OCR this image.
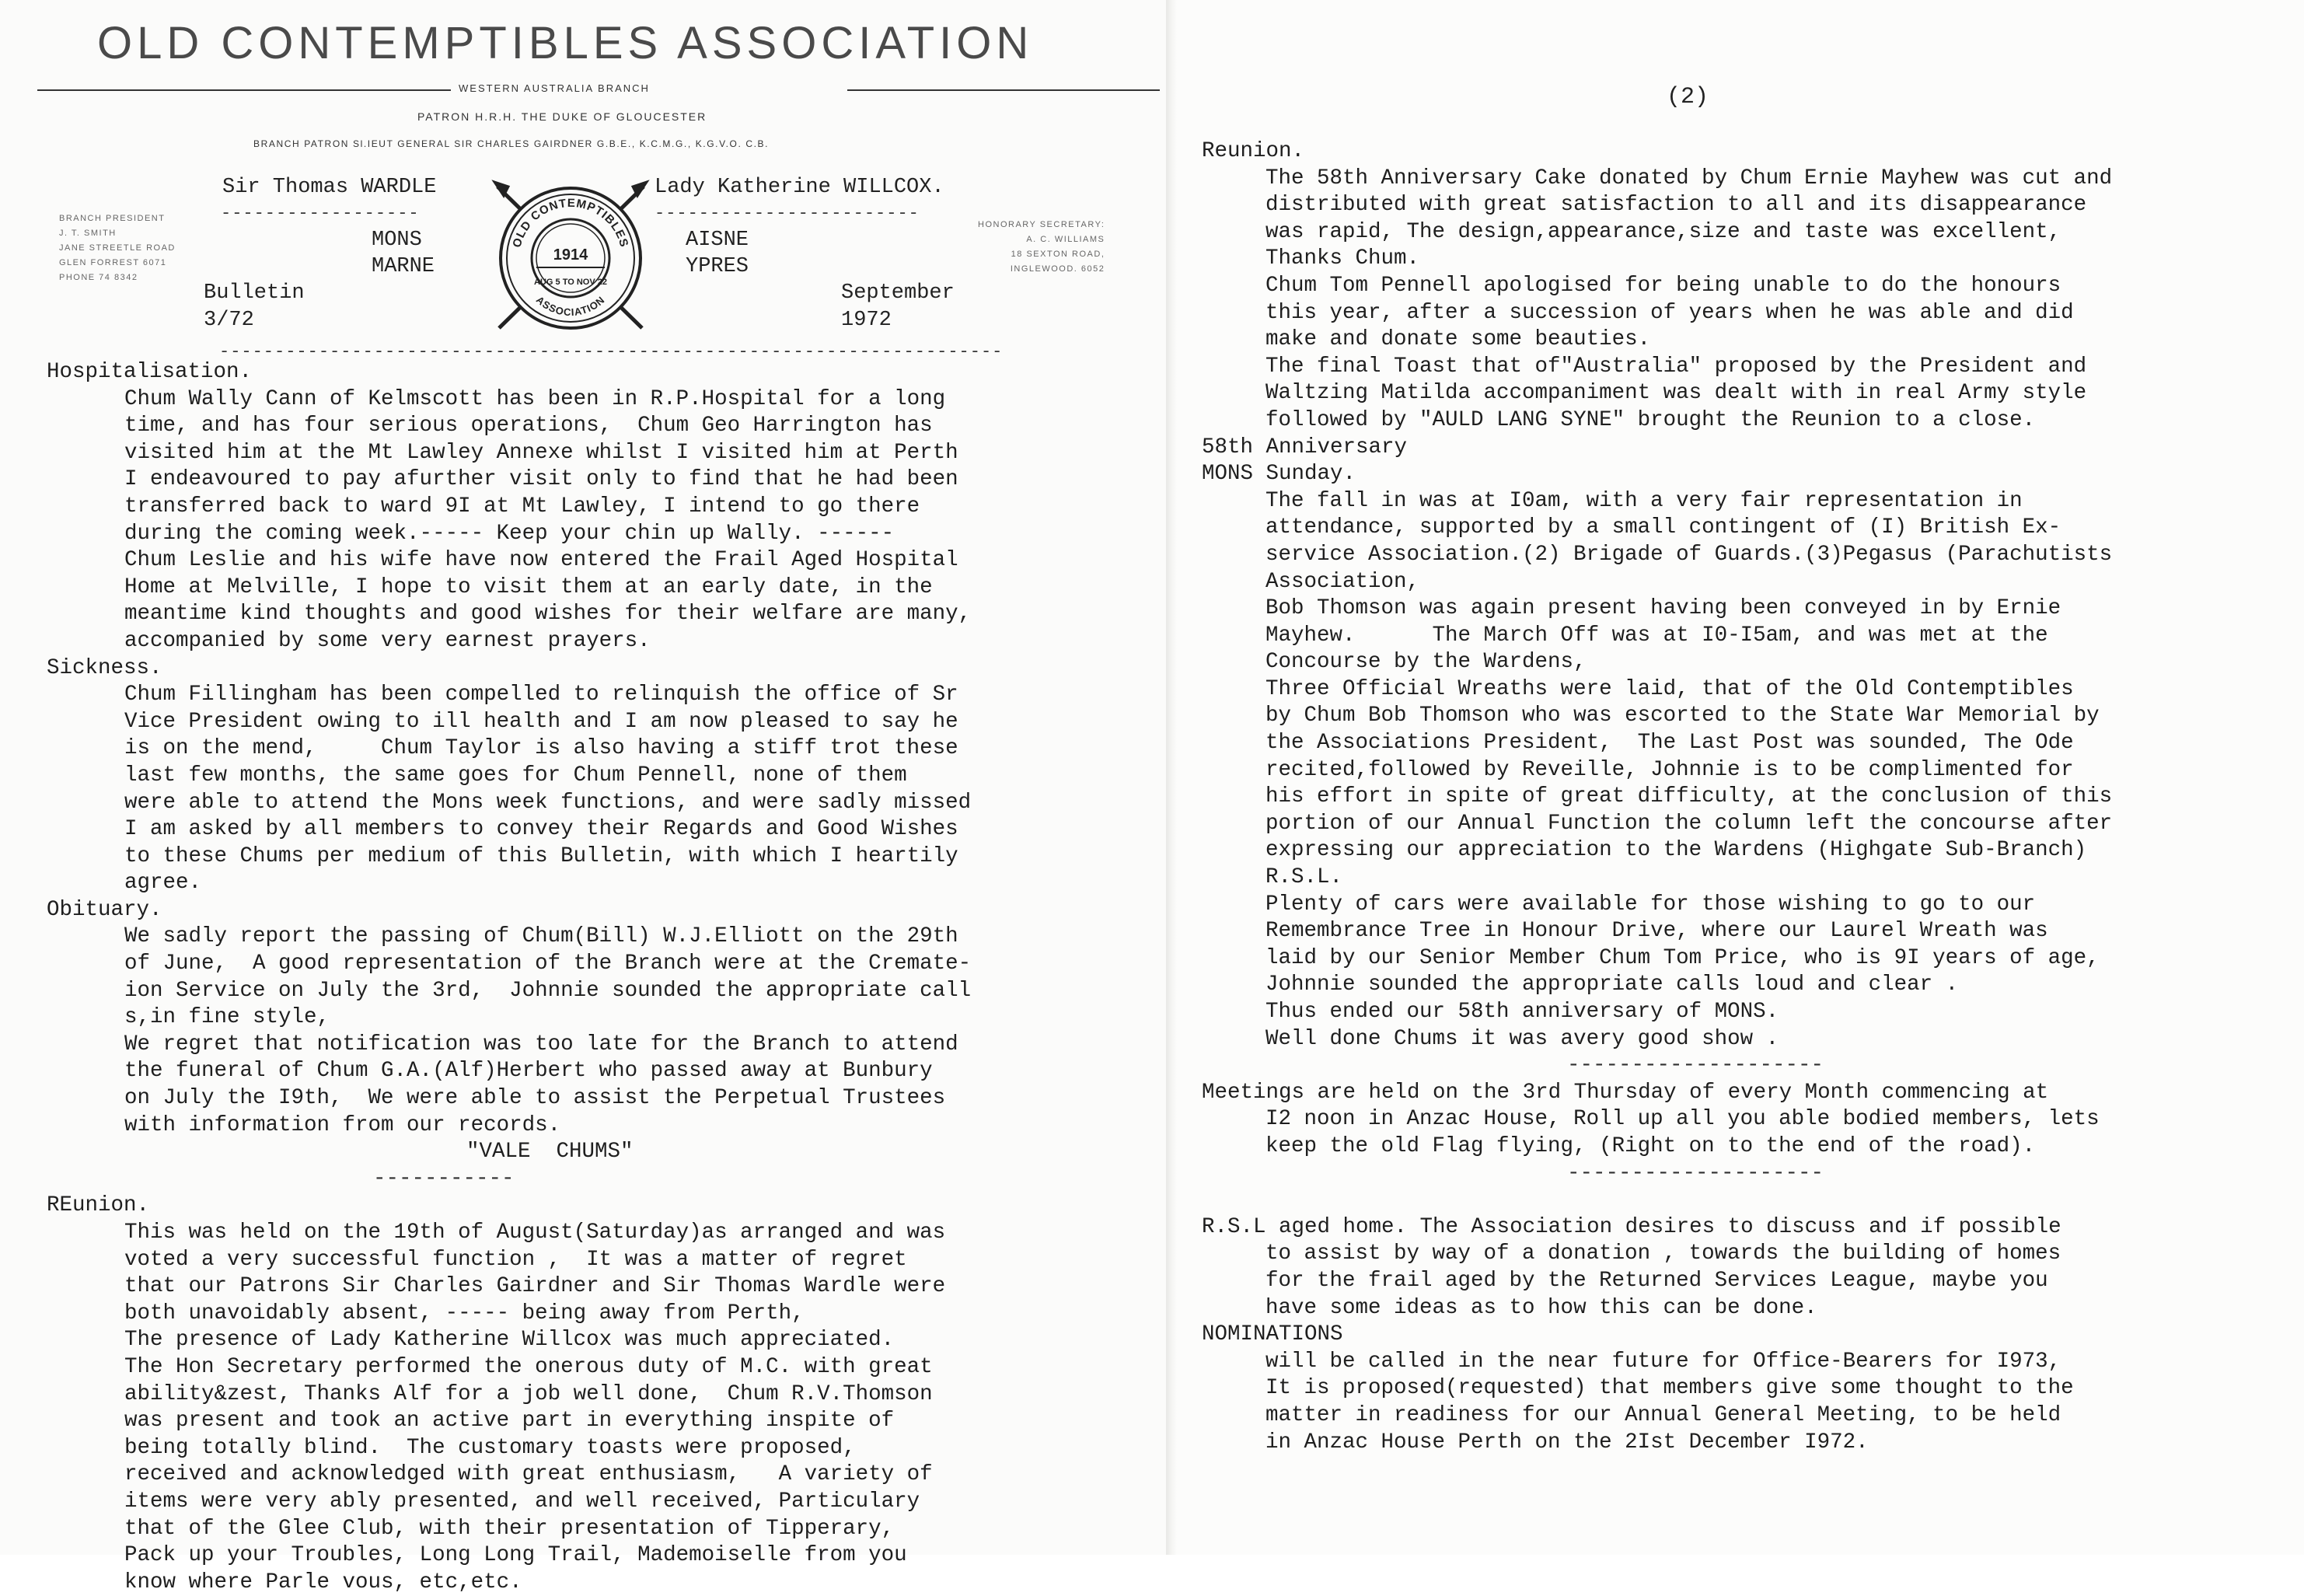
OLD CONTEMPTIBLES ASSOCIATION
WESTERN AUSTRALIA BRANCH
PATRON H.R.H. THE DUKE OF GLOUCESTER
BRANCH PATRON Sl.IEUT GENERAL SIR CHARLES GAIRDNER G.B.E., K.C.M.G., K.G.V.O. C.B.
Sir Thomas WARDLE	Lady Katherine WILLCOX.
------------------	------------------------
BRANCH PRESIDENT
J. T. SMITH
JANE STREETLE ROAD
GLEN FORREST 6071
PHONE 74 8342
MONS
MARNE
AISNE
YPRES
HONORARY SECRETARY:
A. C. WILLIAMS
18 SEXTON ROAD,
INGLEWOOD. 6052
Bulletin
3/72
September
1972
OLD CONTEMPTIBLES
ASSOCIATION
1914
AUG 5 TO NOV 22
-----------------------------------------------------------------------
Hospitalisation.
Chum Wally Cann of Kelmscott has been in R.P.Hospital for a long
time, and has four serious operations,  Chum Geo Harrington has
visited him at the Mt Lawley Annexe whilst I visited him at Perth
I endeavoured to pay afurther visit only to find that he had been
transferred back to ward 9I at Mt Lawley, I intend to go there
during the coming week.----- Keep your chin up Wally. ------
Chum Leslie and his wife have now entered the Frail Aged Hospital
Home at Melville, I hope to visit them at an early date, in the
meantime kind thoughts and good wishes for their welfare are many,
accompanied by some very earnest prayers.
Sickness.
Chum Fillingham has been compelled to relinquish the office of Sr
Vice President owing to ill health and I am now pleased to say he
is on the mend,     Chum Taylor is also having a stiff trot these
last few months, the same goes for Chum Pennell, none of them
were able to attend the Mons week functions, and were sadly missed
I am asked by all members to convey their Regards and Good Wishes
to these Chums per medium of this Bulletin, with which I heartily
agree.
Obituary.
We sadly report the passing of Chum(Bill) W.J.Elliott on the 29th
of June,  A good representation of the Branch were at the Cremate-
ion Service on July the 3rd,  Johnnie sounded the appropriate call
s,in fine style,
We regret that notification was too late for the Branch to attend
the funeral of Chum G.A.(Alf)Herbert who passed away at Bunbury
on July the I9th,  We were able to assist the Perpetual Trustees
with information from our records.
"VALE  CHUMS"
-----------
REunion.
This was held on the 19th of August(Saturday)as arranged and was
voted a very successful function ,  It was a matter of regret
that our Patrons Sir Charles Gairdner and Sir Thomas Wardle were
both unavoidably absent, ----- being away from Perth,
The presence of Lady Katherine Willcox was much appreciated.
The Hon Secretary performed the onerous duty of M.C. with great
ability&zest, Thanks Alf for a job well done,  Chum R.V.Thomson
was present and took an active part in everything inspite of
being totally blind.  The customary toasts were proposed,
received and acknowledged with great enthusiasm,   A variety of
items were very ably presented, and well received, Particulary
that of the Glee Club, with their presentation of Tipperary,
Pack up your Troubles, Long Long Trail, Mademoiselle from you
know where Parle vous, etc,etc.
(2)
Reunion.
The 58th Anniversary Cake donated by Chum Ernie Mayhew was cut and
distributed with great satisfaction to all and its disappearance
was rapid, The design,appearance,size and taste was excellent,
Thanks Chum.
Chum Tom Pennell apologised for being unable to do the honours
this year, after a succession of years when he was able and did
make and donate some beauties.
The final Toast that of"Australia" proposed by the President and
Waltzing Matilda accompaniment was dealt with in real Army style
followed by "AULD LANG SYNE" brought the Reunion to a close.
58th Anniversary
MONS Sunday.
The fall in was at I0am, with a very fair representation in
attendance, supported by a small contingent of (I) British Ex-
service Association.(2) Brigade of Guards.(3)Pegasus (Parachutists
Association,
Bob Thomson was again present having been conveyed in by Ernie
Mayhew.      The March Off was at I0-I5am, and was met at the
Concourse by the Wardens,
Three Official Wreaths were laid, that of the Old Contemptibles
by Chum Bob Thomson who was escorted to the State War Memorial by
the Associations President,  The Last Post was sounded, The Ode
recited,followed by Reveille, Johnnie is to be complimented for
his effort in spite of great difficulty, at the conclusion of this
portion of our Annual Function the column left the concourse after
expressing our appreciation to the Wardens (Highgate Sub-Branch)
R.S.L.
Plenty of cars were available for those wishing to go to our
Remembrance Tree in Honour Drive, where our Laurel Wreath was
laid by our Senior Member Chum Tom Price, who is 9I years of age,
Johnnie sounded the appropriate calls loud and clear .
Thus ended our 58th anniversary of MONS.
Well done Chums it was avery good show .
--------------------
Meetings are held on the 3rd Thursday of every Month commencing at
I2 noon in Anzac House, Roll up all you able bodied members, lets
keep the old Flag flying, (Right on to the end of the road).
--------------------
R.S.L aged home. The Association desires to discuss and if possible
to assist by way of a donation , towards the building of homes
for the frail aged by the Returned Services League, maybe you
have some ideas as to how this can be done.
NOMINATIONS
will be called in the near future for Office-Bearers for I973,
It is proposed(requested) that members give some thought to the
matter in readiness for our Annual General Meeting, to be held
in Anzac House Perth on the 2Ist December I972.
